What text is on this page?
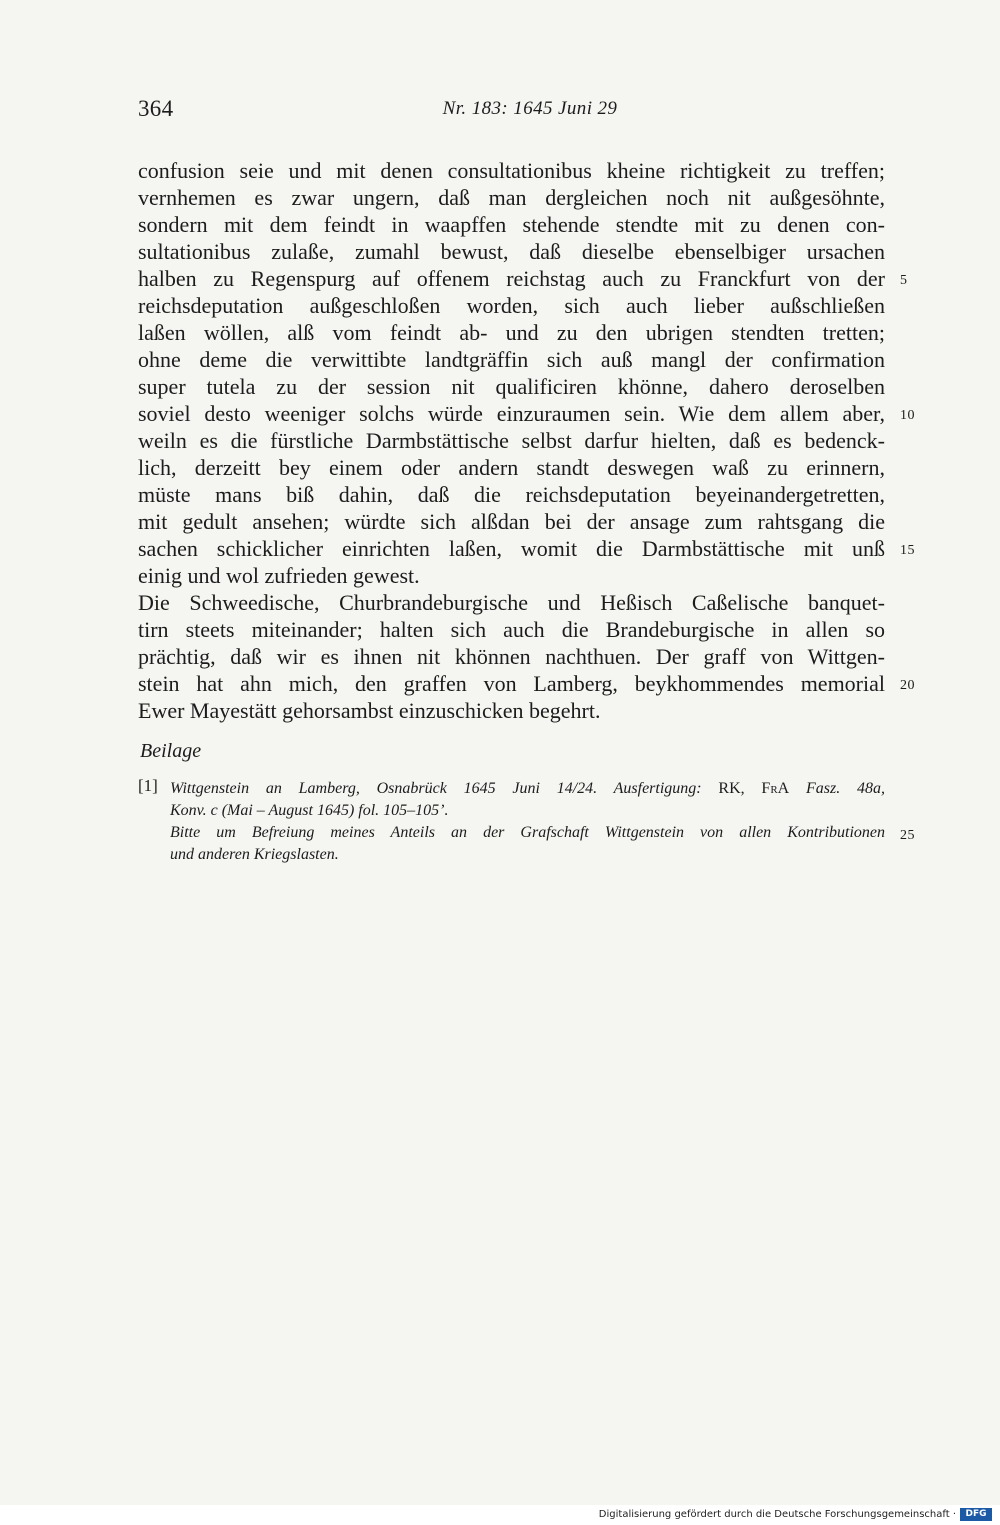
364	Nr. 183: 1645 Juni 29
confusion seie und mit denen consultationibus kheine richtigkeit zu treffen;
vernhemen es zwar ungern, daß man dergleichen noch nit außgesöhnte,
sondern mit dem feindt in waapffen stehende stendte mit zu denen con-
sultationibus zulaße, zumahl bewust, daß dieselbe ebenselbiger ursachen
halben zu Regenspurg auf offenem reichstag auch zu Franckfurt von der
reichsdeputation außgeschloßen worden, sich auch lieber außschließen
laßen wöllen, alß vom feindt ab- und zu den ubrigen stendten tretten;
ohne deme die verwittibte landtgräffin sich auß mangl der confirmation
super tutela zu der session nit qualificiren khönne, dahero deroselben
soviel desto weeniger solchs würde einzuraumen sein. Wie dem allem aber,
weiln es die fürstliche Darmbstättische selbst darfur hielten, daß es bedenck-
lich, derzeitt bey einem oder andern standt deswegen waß zu erinnern,
müste mans biß dahin, daß die reichsdeputation beyeinandergetretten,
mit gedult ansehen; würdte sich alßdan bei der ansage zum rahtsgang die
sachen schicklicher einrichten laßen, womit die Darmbstättische mit unß
einig und wol zufrieden gewest.
Die Schweedische, Churbrandeburgische und Heßisch Caßelische banquet-
tirn steets miteinander; halten sich auch die Brandeburgische in allen so
prächtig, daß wir es ihnen nit khönnen nachthuen. Der graff von Wittgen-
stein hat ahn mich, den graffen von Lamberg, beykhommendes memorial
Ewer Mayestätt gehorsambst einzuschicken begehrt.
5
10
15
20
Beilage
[1] Wittgenstein an Lamberg, Osnabrück 1645 Juni 14/24. Ausfertigung: RK, FrA Fasz. 48a,
Konv. c (Mai – August 1645) fol. 105–105’.
Bitte um Befreiung meines Anteils an der Grafschaft Wittgenstein von allen Kontributionen
und anderen Kriegslasten.
25
Digitalisierung gefördert durch die Deutsche Forschungsgemeinschaft ·	DFG
